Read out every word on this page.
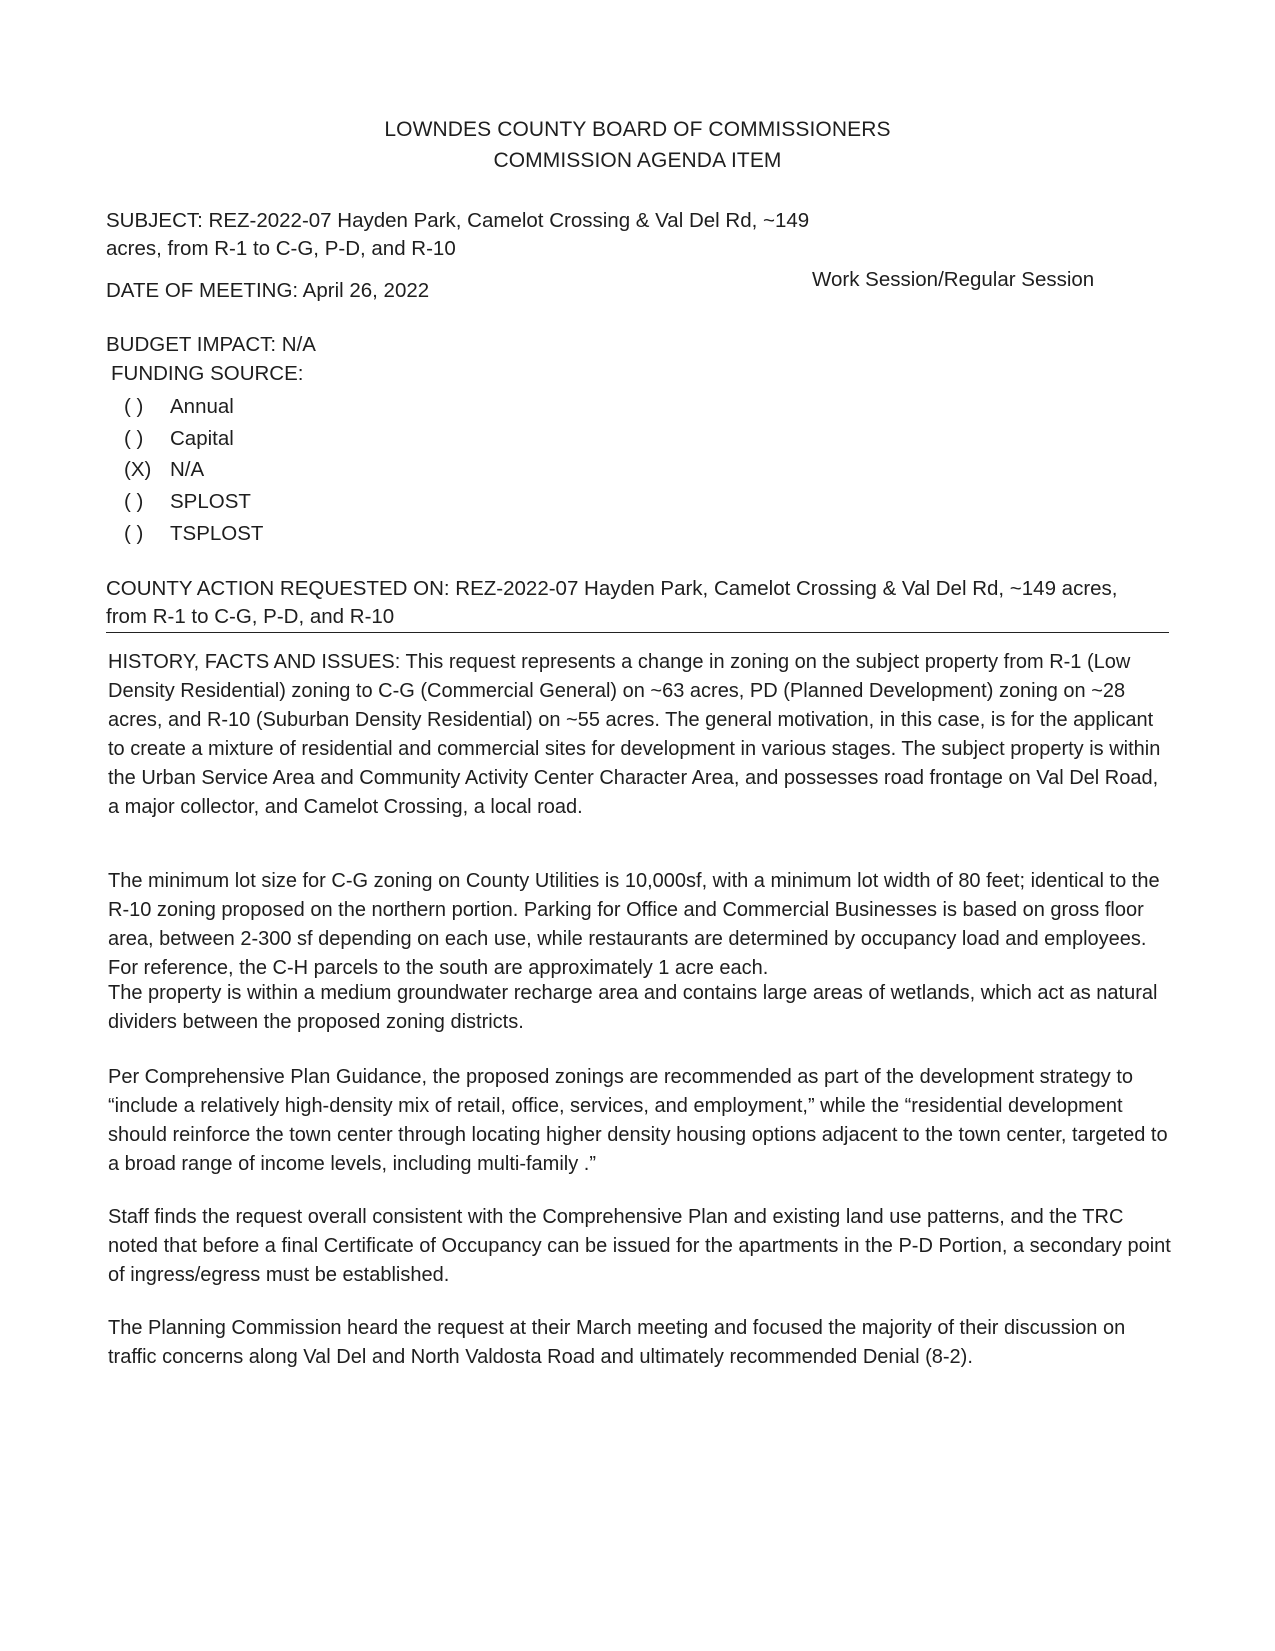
LOWNDES COUNTY BOARD OF COMMISSIONERS
COMMISSION AGENDA ITEM
SUBJECT: REZ-2022-07 Hayden Park, Camelot Crossing & Val Del Rd, ~149
acres, from R-1 to C-G, P-D, and R-10
DATE OF MEETING: April 26, 2022	Work Session/Regular Session
BUDGET IMPACT: N/A
FUNDING SOURCE:
( ) Annual
( ) Capital
(X) N/A
( ) SPLOST
( ) TSPLOST
COUNTY ACTION REQUESTED ON: REZ-2022-07 Hayden Park, Camelot Crossing & Val Del Rd, ~149 acres,
from R-1 to C-G, P-D, and R-10

HISTORY, FACTS AND ISSUES: This request represents a change in zoning on the subject property from R-1 (Low Density Residential) zoning to C-G (Commercial General) on ~63 acres, PD (Planned Development) zoning on ~28 acres, and R-10 (Suburban Density Residential) on ~55 acres. The general motivation, in this case, is for the applicant to create a mixture of residential and commercial sites for development in various stages. The subject property is within the Urban Service Area and Community Activity Center Character Area, and possesses road frontage on Val Del Road, a major collector, and Camelot Crossing, a local road.

The minimum lot size for C-G zoning on County Utilities is 10,000sf, with a minimum lot width of 80 feet; identical to the R-10 zoning proposed on the northern portion. Parking for Office and Commercial Businesses is based on gross floor area, between 2-300 sf depending on each use, while restaurants are determined by occupancy load and employees. For reference, the C-H parcels to the south are approximately 1 acre each.

The property is within a medium groundwater recharge area and contains large areas of wetlands, which act as natural dividers between the proposed zoning districts.

Per Comprehensive Plan Guidance, the proposed zonings are recommended as part of the development strategy to “include a relatively high-density mix of retail, office, services, and employment,” while the “residential development should reinforce the town center through locating higher density housing options adjacent to the town center, targeted to a broad range of income levels, including multi-family .”

Staff finds the request overall consistent with the Comprehensive Plan and existing land use patterns, and the TRC noted that before a final Certificate of Occupancy can be issued for the apartments in the P-D Portion, a secondary point of ingress/egress must be established.

The Planning Commission heard the request at their March meeting and focused the majority of their discussion on traffic concerns along Val Del and North Valdosta Road and ultimately recommended Denial (8-2).
